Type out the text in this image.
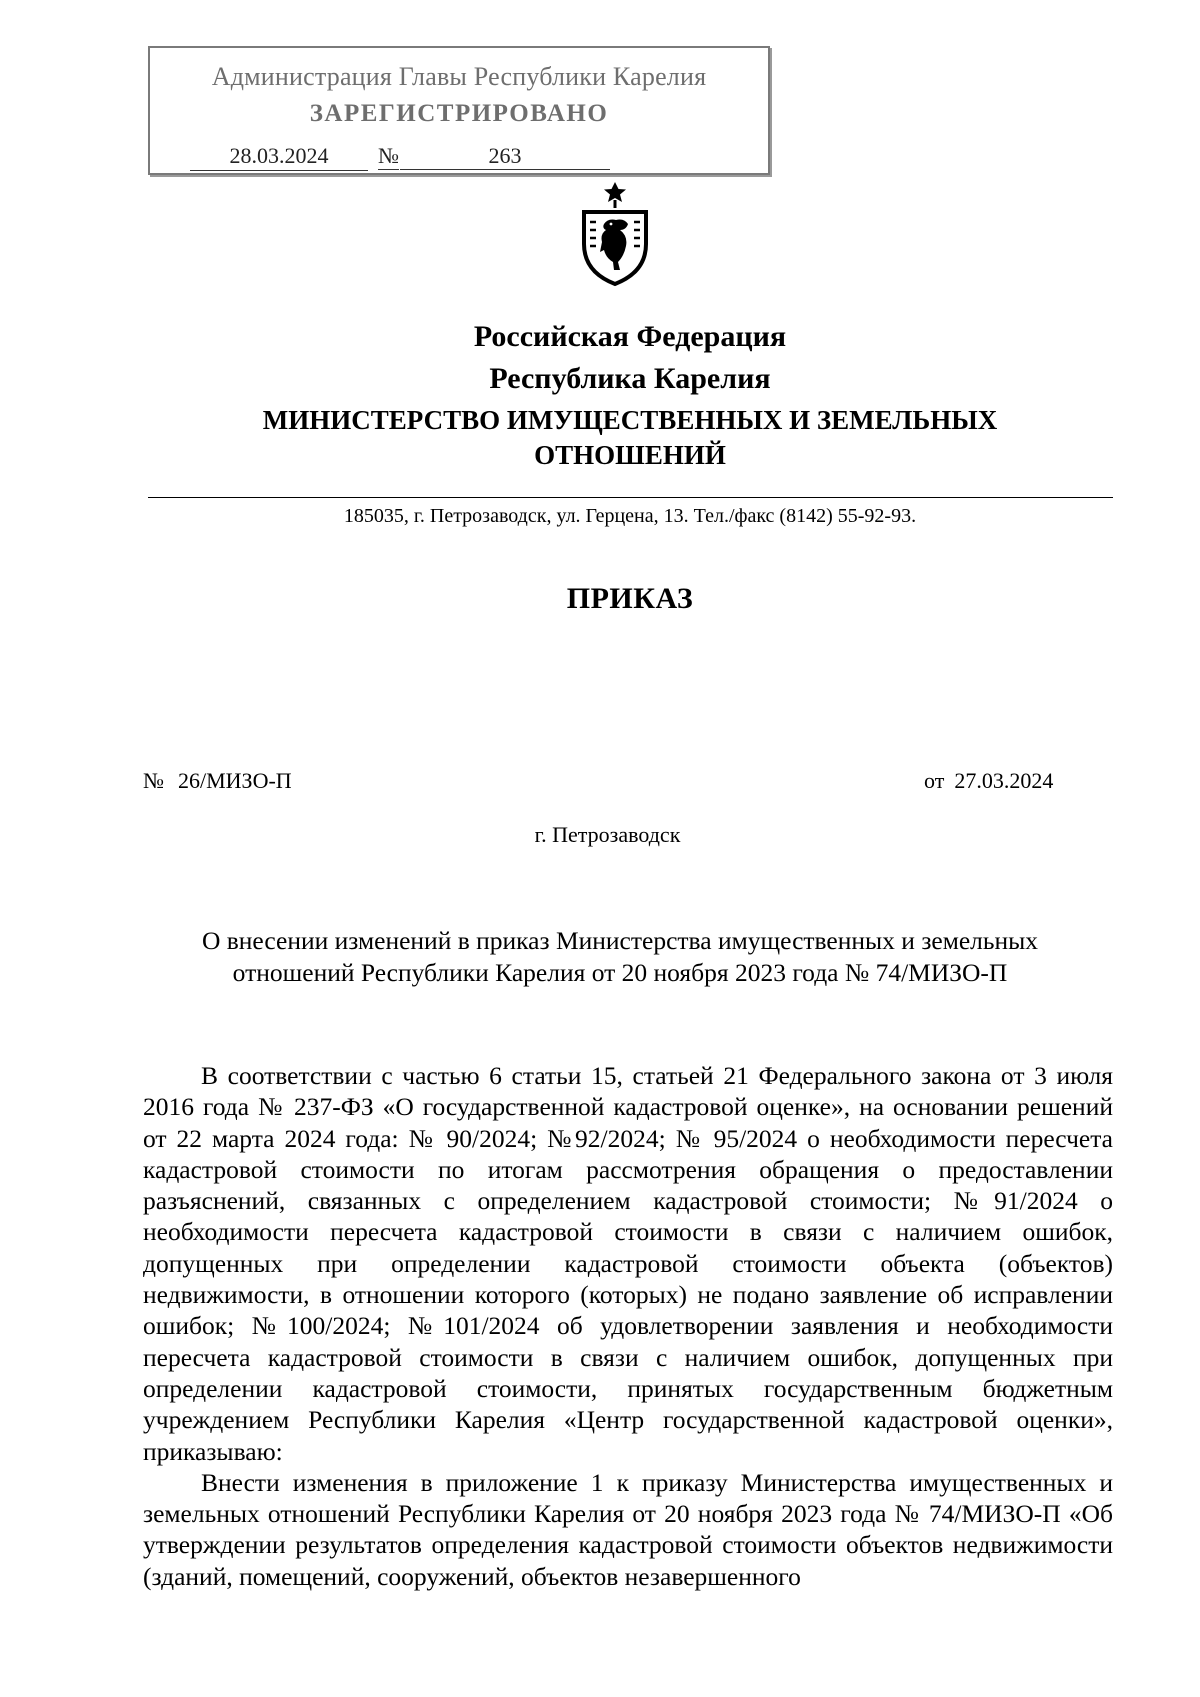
Администрация Главы Республики Карелия
ЗАРЕГИСТРИРОВАНО
28.03.2024	№	263
Российская Федерация
Республика Карелия
МИНИСТЕРСТВО ИМУЩЕСТВЕННЫХ И ЗЕМЕЛЬНЫХ
ОТНОШЕНИЙ
185035, г. Петрозаводск, ул. Герцена, 13. Тел./факс (8142) 55-92-93.
ПРИКАЗ
№ 26/МИЗО-П	от 27.03.2024
г. Петрозаводск
О внесении изменений в приказ Министерства имущественных и земельных
отношений Республики Карелия от 20 ноября 2023 года № 74/МИЗО-П

В соответствии с частью 6 статьи 15, статьей 21 Федерального закона от 3 июля 2016 года № 237-ФЗ «О государственной кадастровой оценке», на основании решений от 22 марта 2024 года: № 90/2024; №92/2024; № 95/2024 о необходимости пересчета кадастровой стоимости по итогам рассмотрения обращения о предоставлении разъяснений, связанных с определением кадастровой стоимости; №91/2024 о необходимости пересчета кадастровой стоимости в связи с наличием ошибок, допущенных при определении кадастровой стоимости объекта (объектов) недвижимости, в отношении которого (которых) не подано заявление об исправлении ошибок; №100/2024; №101/2024 об удовлетворении заявления и необходимости пересчета кадастровой стоимости в связи с наличием ошибок, допущенных при определении кадастровой стоимости, принятых государственным бюджетным учреждением Республики Карелия «Центр государственной кадастровой оценки», приказываю:

Внести изменения в приложение 1 к приказу Министерства имущественных и земельных отношений Республики Карелия от 20 ноября 2023 года № 74/МИЗО-П «Об утверждении результатов определения кадастровой стоимости объектов недвижимости (зданий, помещений, сооружений, объектов незавершенного
